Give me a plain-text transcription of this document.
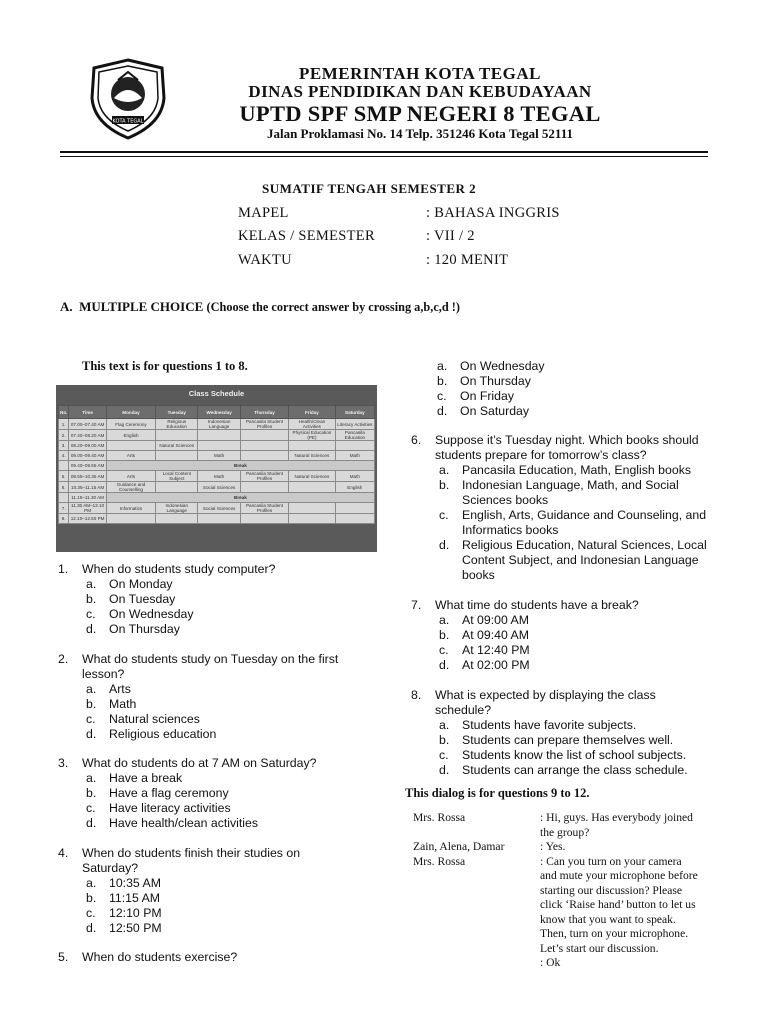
KOTA TEGAL
PEMERINTAH KOTA TEGAL
DINAS PENDIDIKAN DAN KEBUDAYAAN
UPTD SPF SMP NEGERI 8 TEGAL
Jalan Proklamasi No. 14 Telp. 351246 Kota Tegal 52111
SUMATIF TENGAH SEMESTER 2
MAPEL	: BAHASA INGGRIS
KELAS / SEMESTER	: VII / 2
WAKTU	: 120 MENIT
A. MULTIPLE CHOICE (Choose the correct answer by crossing a,b,c,d !)
This text is for questions 1 to 8.
Class Schedule
No.	Time	Monday	Tuesday	Wednesday	Thursday	Friday	Saturday
1.	07.00–07.40 AM	Flag Ceremony	Religious Education	Indonesian Language	Pancasila Student Profiles	Health/Clean Activities	Literacy Activities
2.	07.40–08.20 AM	English				Physical Education (PE)	Pancasila Education
3.	08.20–09.00 AM		Natural Sciences				
4.	09.00–09.40 AM	Arts		Math		Natural Sciences	Math
	09.40–09.55 AM	Break					
5.	09.55–10.35 AM	Arts	Local Content Subject	Math	Pancasila Student Profiles	Natural Sciences	Math
6.	10.35–11.15 AM	Guidance and Counselling		Social Sciences			English
	11.15–11.30 AM	Break					
7.	11.30 AM–12.10 PM	Informatics	Indonesian Language	Social Sciences	Pancasila Student Profiles		
8.	12.10–12.50 PM						
1. When do students study computer?
a. On Monday
b. On Tuesday
c. On Wednesday
d. On Thursday
2. What do students study on Tuesday on the first
lesson?
a. Arts
b. Math
c. Natural sciences
d. Religious education
3. What do students do at 7 AM on Saturday?
a. Have a break
b. Have a flag ceremony
c. Have literacy activities
d. Have health/clean activities
4. When do students finish their studies on
Saturday?
a. 10:35 AM
b. 11:15 AM
c. 12:10 PM
d. 12:50 PM
5. When do students exercise?
a. On Wednesday
b. On Thursday
c. On Friday
d. On Saturday
6. Suppose it’s Tuesday night. Which books should
students prepare for tomorrow’s class?
a. Pancasila Education, Math, English books
b. Indonesian Language, Math, and Social
Sciences books
c. English, Arts, Guidance and Counseling, and
Informatics books
d. Religious Education, Natural Sciences, Local
Content Subject, and Indonesian Language
books
7. What time do students have a break?
a. At 09:00 AM
b. At 09:40 AM
c. At 12:40 PM
d. At 02:00 PM
8. What is expected by displaying the class
schedule?
a. Students have favorite subjects.
b. Students can prepare themselves well.
c. Students know the list of school subjects.
d. Students can arrange the class schedule.
This dialog is for questions 9 to 12.
Mrs. Rossa	: Hi, guys. Has everybody joined
the group?
Zain, Alena, Damar	: Yes.
Mrs. Rossa	: Can you turn on your camera
and mute your microphone before
starting our discussion? Please
click ‘Raise hand’ button to let us
know that you want to speak.
Then, turn on your microphone.
Let’s start our discussion.
: Ok
